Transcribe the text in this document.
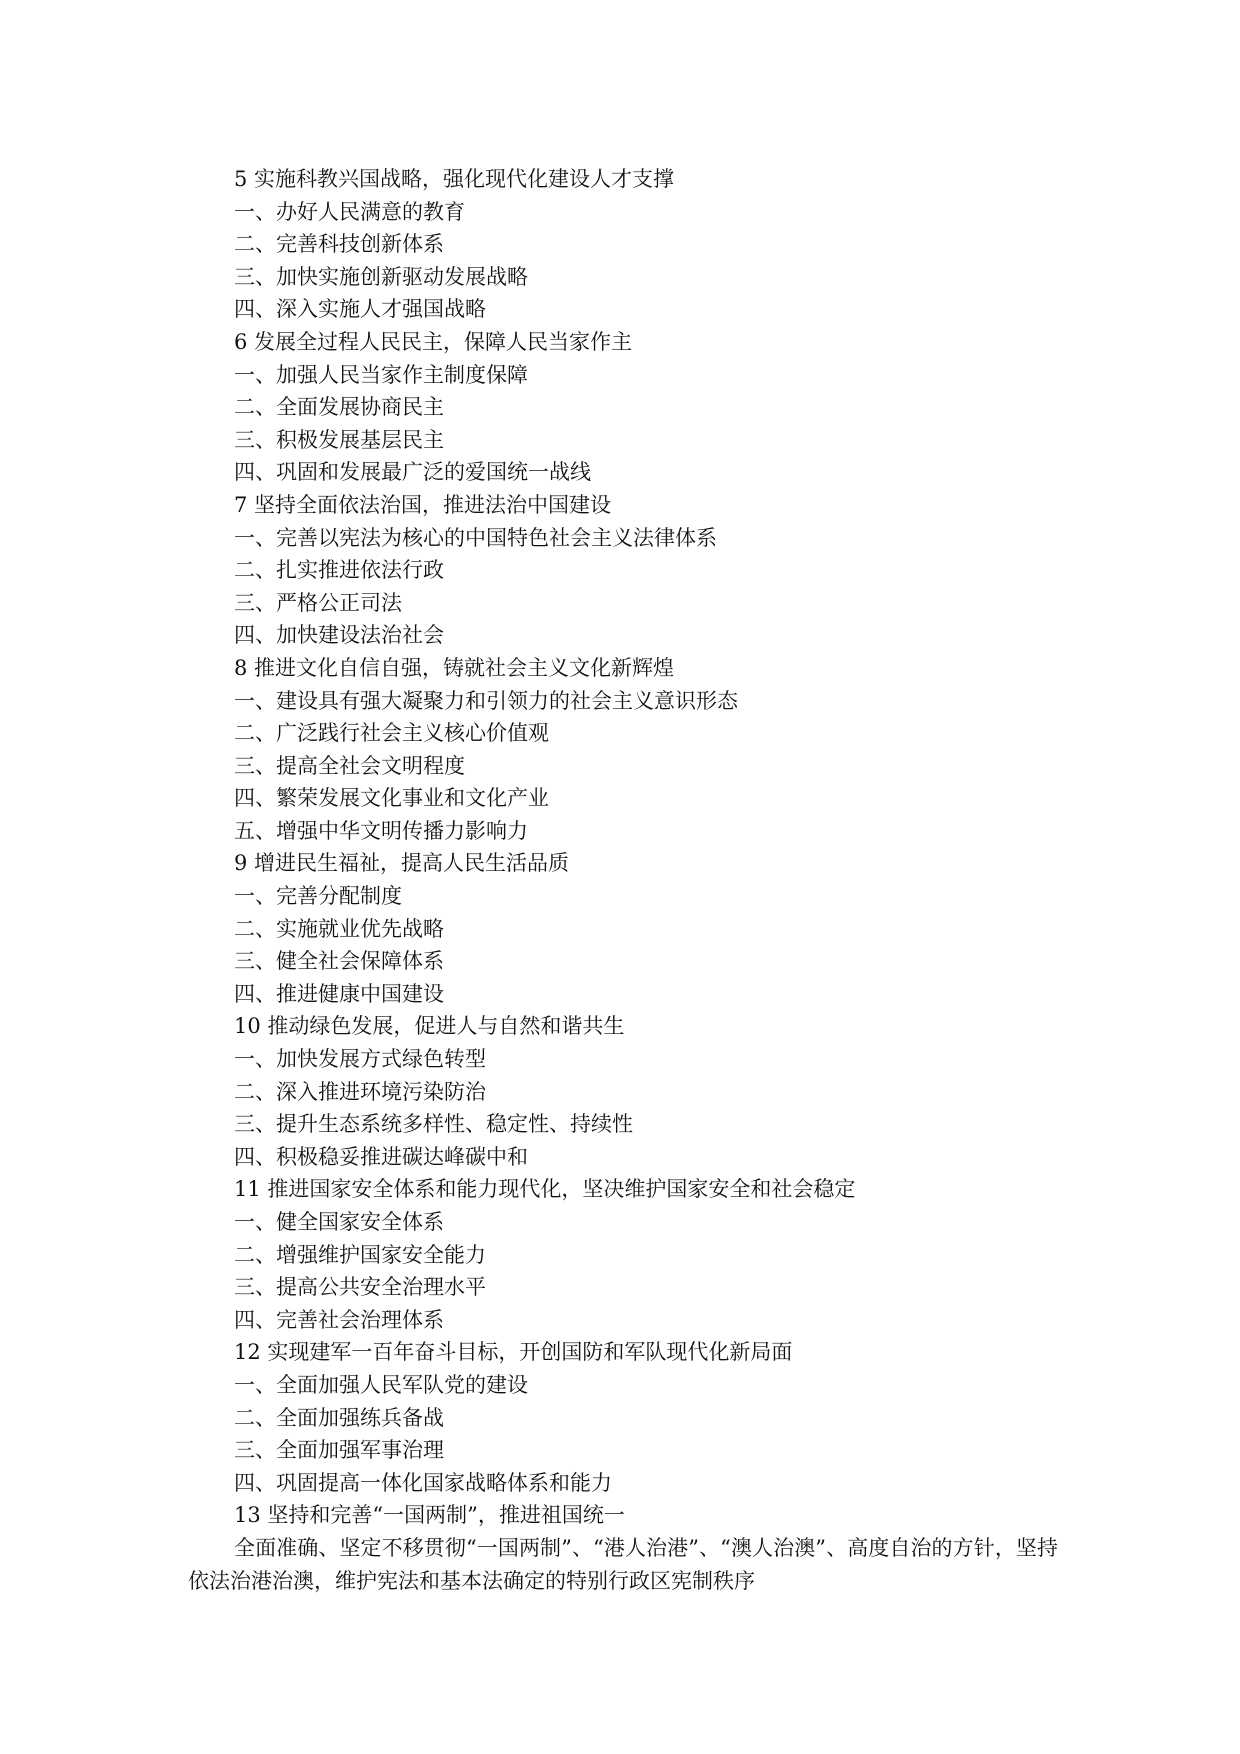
5 实施科教兴国战略，强化现代化建设人才支撑
一、办好人民满意的教育
二、完善科技创新体系
三、加快实施创新驱动发展战略
四、深入实施人才强国战略
6 发展全过程人民民主，保障人民当家作主
一、加强人民当家作主制度保障
二、全面发展协商民主
三、积极发展基层民主
四、巩固和发展最广泛的爱国统一战线
7 坚持全面依法治国，推进法治中国建设
一、完善以宪法为核心的中国特色社会主义法律体系
二、扎实推进依法行政
三、严格公正司法
四、加快建设法治社会
8 推进文化自信自强，铸就社会主义文化新辉煌
一、建设具有强大凝聚力和引领力的社会主义意识形态
二、广泛践行社会主义核心价值观
三、提高全社会文明程度
四、繁荣发展文化事业和文化产业
五、增强中华文明传播力影响力
9 增进民生福祉，提高人民生活品质
一、完善分配制度
二、实施就业优先战略
三、健全社会保障体系
四、推进健康中国建设
10 推动绿色发展，促进人与自然和谐共生
一、加快发展方式绿色转型
二、深入推进环境污染防治
三、提升生态系统多样性、稳定性、持续性
四、积极稳妥推进碳达峰碳中和
11 推进国家安全体系和能力现代化，坚决维护国家安全和社会稳定
一、健全国家安全体系
二、增强维护国家安全能力
三、提高公共安全治理水平
四、完善社会治理体系
12 实现建军一百年奋斗目标，开创国防和军队现代化新局面
一、全面加强人民军队党的建设
二、全面加强练兵备战
三、全面加强军事治理
四、巩固提高一体化国家战略体系和能力
13 坚持和完善“一国两制”，推进祖国统一

全面准确、坚定不移贯彻“一国两制”、“港人治港”、“澳人治澳”、高度自治的方针，坚持依法治港治澳，维护宪法和基本法确定的特别行政区宪制秩序
